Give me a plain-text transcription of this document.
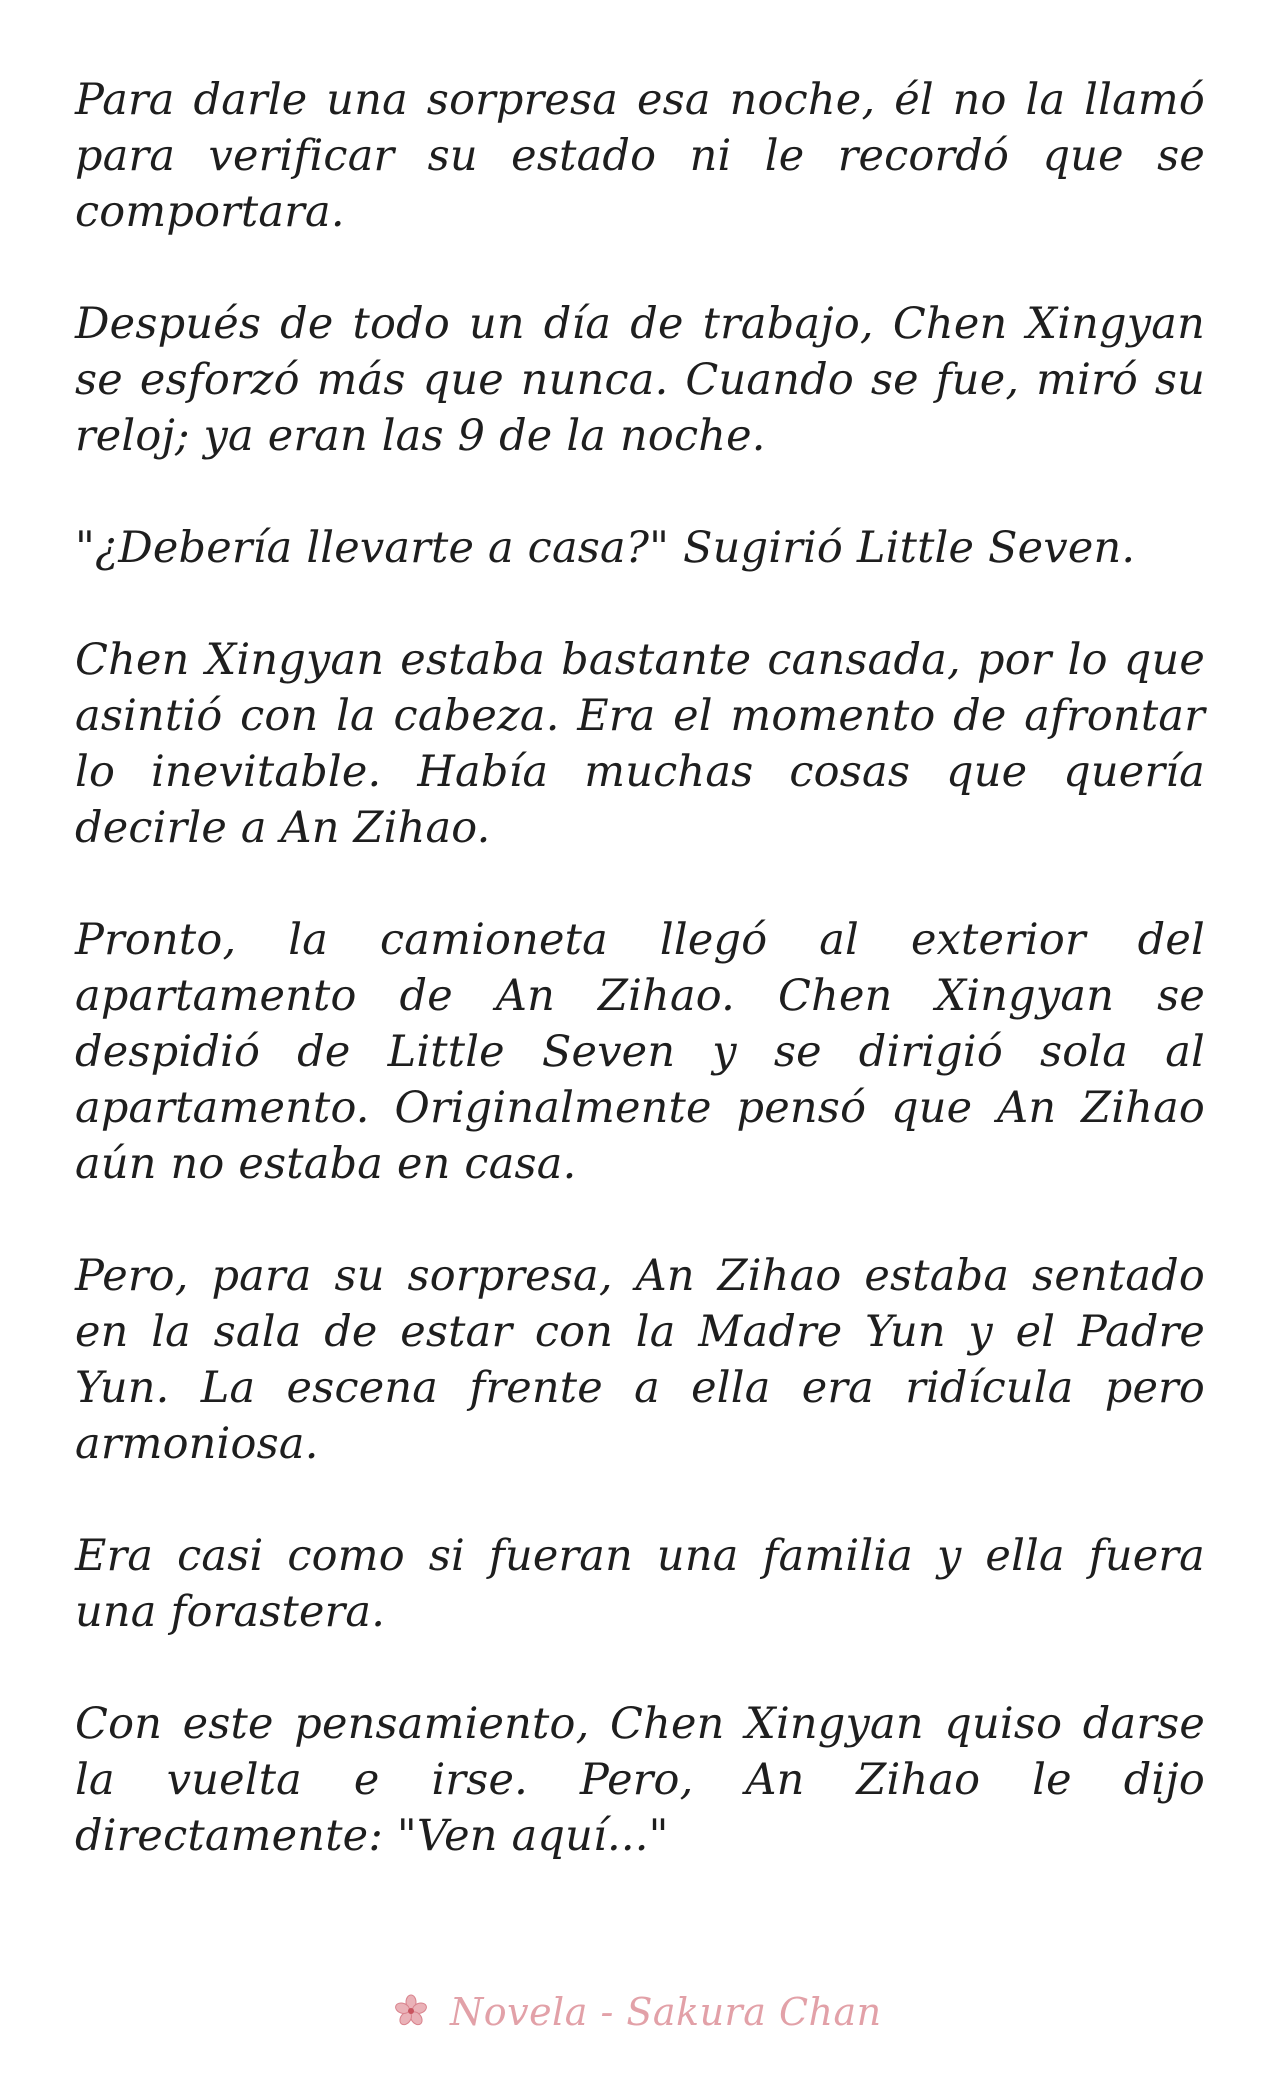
Para darle una sorpresa esa noche, él no la llamó para verificar su estado ni le recordó que se comportara.

Después de todo un día de trabajo, Chen Xingyan se esforzó más que nunca. Cuando se fue, miró su reloj; ya eran las 9 de la noche.

"¿Debería llevarte a casa?" Sugirió Little Seven.

Chen Xingyan estaba bastante cansada, por lo que asintió con la cabeza. Era el momento de afrontar lo inevitable. Había muchas cosas que quería decirle a An Zihao.

Pronto, la camioneta llegó al exterior del apartamento de An Zihao. Chen Xingyan se despidió de Little Seven y se dirigió sola al apartamento. Originalmente pensó que An Zihao aún no estaba en casa.

Pero, para su sorpresa, An Zihao estaba sentado en la sala de estar con la Madre Yun y el Padre Yun. La escena frente a ella era ridícula pero armoniosa.

Era casi como si fueran una familia y ella fuera una forastera.

Con este pensamiento, Chen Xingyan quiso darse la vuelta e irse. Pero, An Zihao le dijo directamente: "Ven aquí..."

Novela - Sakura Chan
